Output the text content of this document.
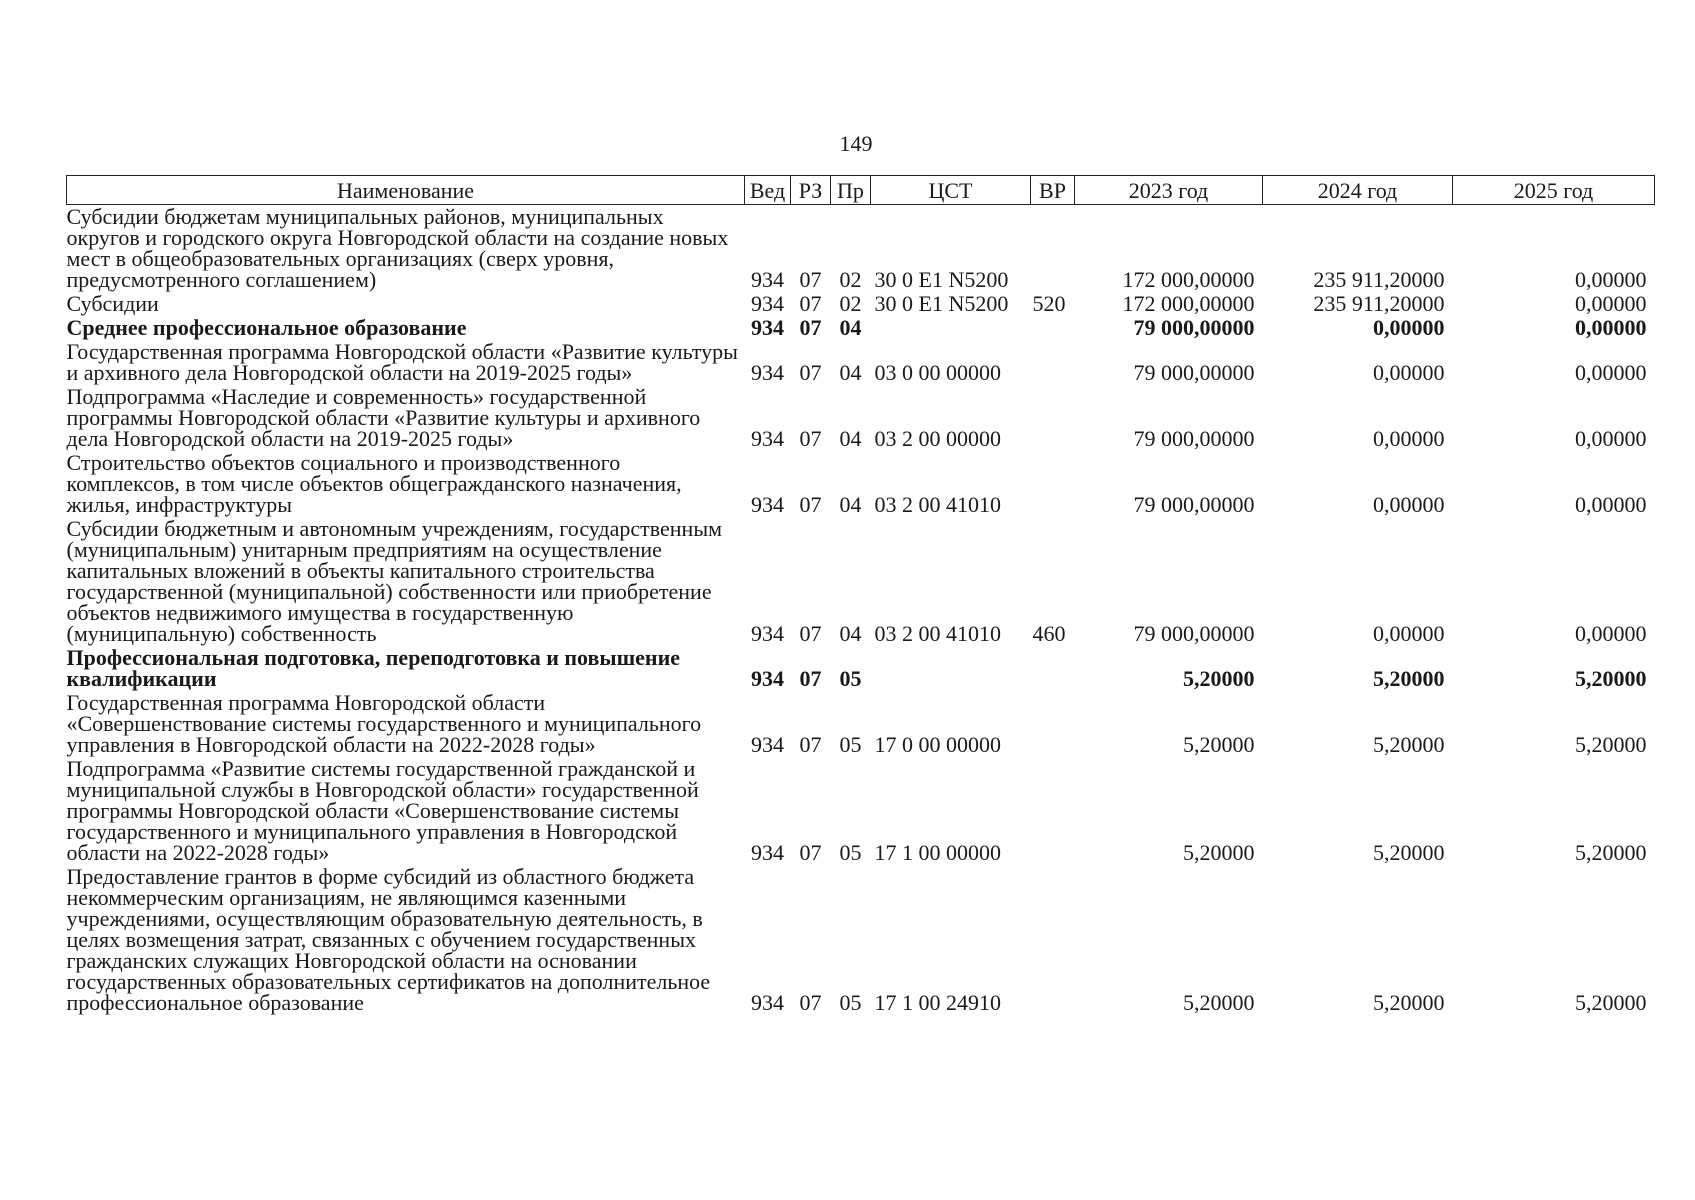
149
Наименование	Вед	РЗ	Пр	ЦСТ	ВР	2023 год	2024 год	2025 год
Субсидии бюджетам муниципальных районов, муниципальных округов и городского округа Новгородской области на создание новых мест в общеобразовательных организациях (сверх уровня, предусмотренного соглашением)	934	07	02	30 0 E1 N5200		172 000,00000	235 911,20000	0,00000
Субсидии	934	07	02	30 0 E1 N5200	520	172 000,00000	235 911,20000	0,00000
Среднее профессиональное образование	934	07	04			79 000,00000	0,00000	0,00000
Государственная программа Новгородской области «Развитие культуры и архивного дела Новгородской области на 2019-2025 годы»	934	07	04	03 0 00 00000		79 000,00000	0,00000	0,00000
Подпрограмма «Наследие и современность» государственной программы Новгородской области «Развитие культуры и архивного дела Новгородской области на 2019-2025 годы»	934	07	04	03 2 00 00000		79 000,00000	0,00000	0,00000
Строительство объектов социального и производственного комплексов, в том числе объектов общегражданского назначения, жилья, инфраструктуры	934	07	04	03 2 00 41010		79 000,00000	0,00000	0,00000
Субсидии бюджетным и автономным учреждениям, государственным (муниципальным) унитарным предприятиям на осуществление капитальных вложений в объекты капитального строительства государственной (муниципальной) собственности или приобретение объектов недвижимого имущества в государственную (муниципальную) собственность	934	07	04	03 2 00 41010	460	79 000,00000	0,00000	0,00000
Профессиональная подготовка, переподготовка и повышение квалификации	934	07	05			5,20000	5,20000	5,20000
Государственная программа Новгородской области «Совершенствование системы государственного и муниципального управления в Новгородской области на 2022-2028 годы»	934	07	05	17 0 00 00000		5,20000	5,20000	5,20000
Подпрограмма «Развитие системы государственной гражданской и муниципальной службы в Новгородской области» государственной программы Новгородской области «Совершенствование системы государственного и муниципального управления в Новгородской области на 2022-2028 годы»	934	07	05	17 1 00 00000		5,20000	5,20000	5,20000
Предоставление грантов в форме субсидий из областного бюджета некоммерческим организациям, не являющимся казенными учреждениями, осуществляющим образовательную деятельность, в целях возмещения затрат, связанных с обучением государственных гражданских служащих Новгородской области на основании государственных образовательных сертификатов на дополнительное профессиональное образование	934	07	05	17 1 00 24910		5,20000	5,20000	5,20000
